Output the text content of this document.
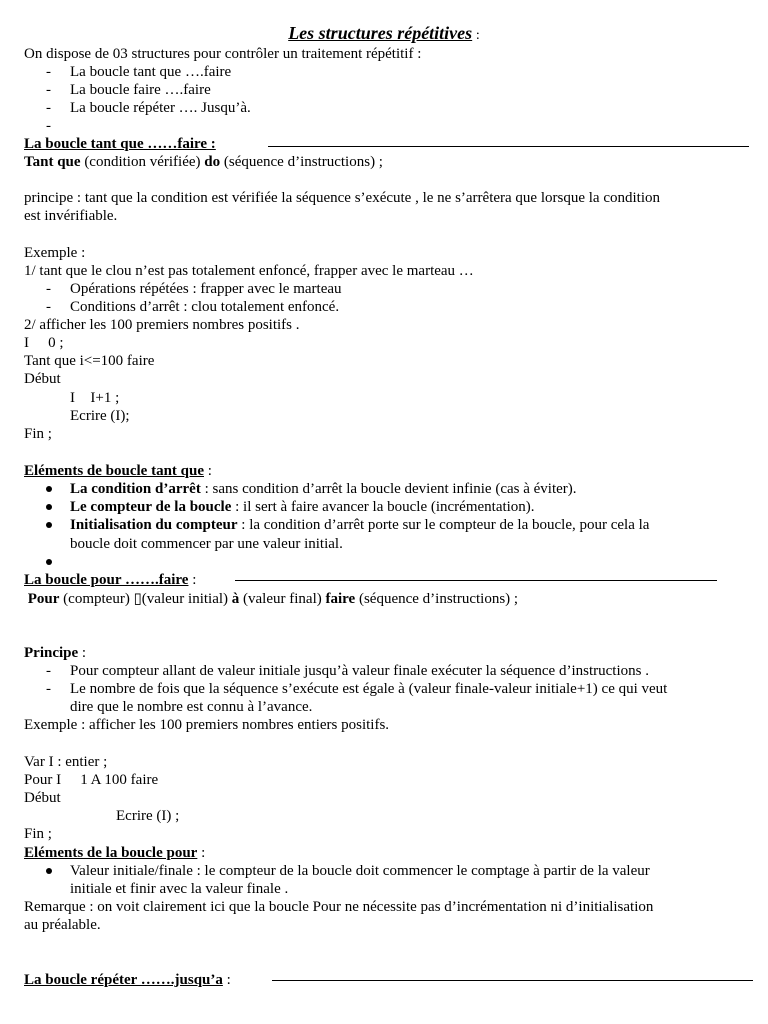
Les structures répétitives :
On dispose de 03 structures pour contrôler un traitement répétitif :
- La boucle tant que ….faire
- La boucle faire ….faire
- La boucle répéter …. Jusqu’à.
-
La boucle tant que ……faire :
Tant que (condition vérifiée) do (séquence d’instructions) ;
principe : tant que la condition est vérifiée la séquence s’exécute , le ne s’arrêtera que lorsque la condition
est invérifiable.
Exemple :
1/ tant que le clou n’est pas totalement enfoncé, frapper avec le marteau …
- Opérations répétées : frapper avec le marteau
- Conditions d’arrêt : clou totalement enfoncé.
2/ afficher les 100 premiers nombres positifs .
I   0 ;
Tant que i<=100 faire
Début
I  I+1 ;
Ecrire (I);
Fin ;
Eléments de boucle tant que :
La condition d’arrêt : sans condition d’arrêt la boucle devient infinie (cas à éviter).
Le compteur de la boucle : il sert à faire avancer la boucle (incrémentation).
Initialisation du compteur : la condition d’arrêt porte sur le compteur de la boucle, pour cela la
boucle doit commencer par une valeur initial.
La boucle pour …….faire :
Pour (compteur) ▯(valeur initial) à (valeur final) faire (séquence d’instructions) ;
Principe :
- Pour compteur allant de valeur initiale jusqu’à valeur finale exécuter la séquence d’instructions .
- Le nombre de fois que la séquence s’exécute est égale à (valeur finale-valeur initiale+1) ce qui veut
dire que le nombre est connu à l’avance.
Exemple : afficher les 100 premiers nombres entiers positifs.
Var I : entier ;
Pour I   1 A 100 faire
Début
Ecrire (I) ;
Fin ;
Eléments de la boucle pour :
Valeur initiale/finale : le compteur de la boucle doit commencer le comptage à partir de la valeur
initiale et finir avec la valeur finale .
Remarque : on voit clairement ici que la boucle Pour ne nécessite pas d’incrémentation ni d’initialisation
au préalable.
La boucle répéter …….jusqu’a :
